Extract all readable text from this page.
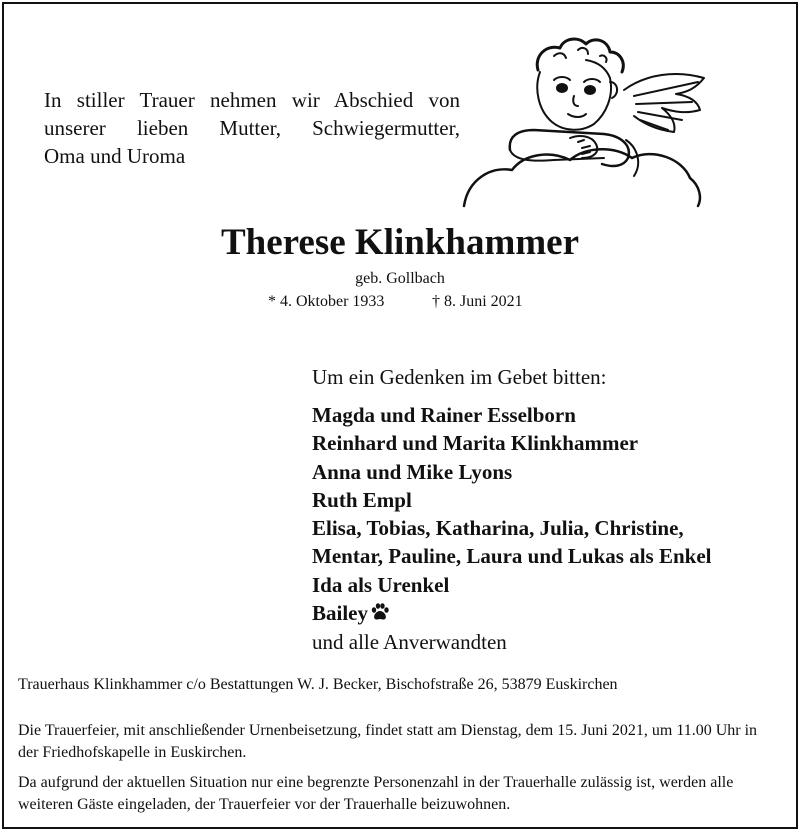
In stiller Trauer nehmen wir Abschied von
unserer lieben Mutter, Schwiegermutter,
Oma und Uroma

Therese Klinkhammer
geb. Gollbach
* 4. Oktober 1933	† 8. Juni 2021
Um ein Gedenken im Gebet bitten:
Magda und Rainer Esselborn
Reinhard und Marita Klinkhammer
Anna und Mike Lyons
Ruth Empl
Elisa, Tobias, Katharina, Julia, Christine,
Mentar, Pauline, Laura und Lukas als Enkel
Ida als Urenkel
Bailey
und alle Anverwandten

Trauerhaus Klinkhammer c/o Bestattungen W. J. Becker, Bischofstraße 26, 53879 Euskirchen

Die Trauerfeier, mit anschließender Urnenbeisetzung, findet statt am Dienstag, dem 15. Juni 2021, um 11.00 Uhr in der Friedhofskapelle in Euskirchen.

Da aufgrund der aktuellen Situation nur eine begrenzte Personenzahl in der Trauerhalle zulässig ist, werden alle weiteren Gäste eingeladen, der Trauerfeier vor der Trauerhalle beizuwohnen.
